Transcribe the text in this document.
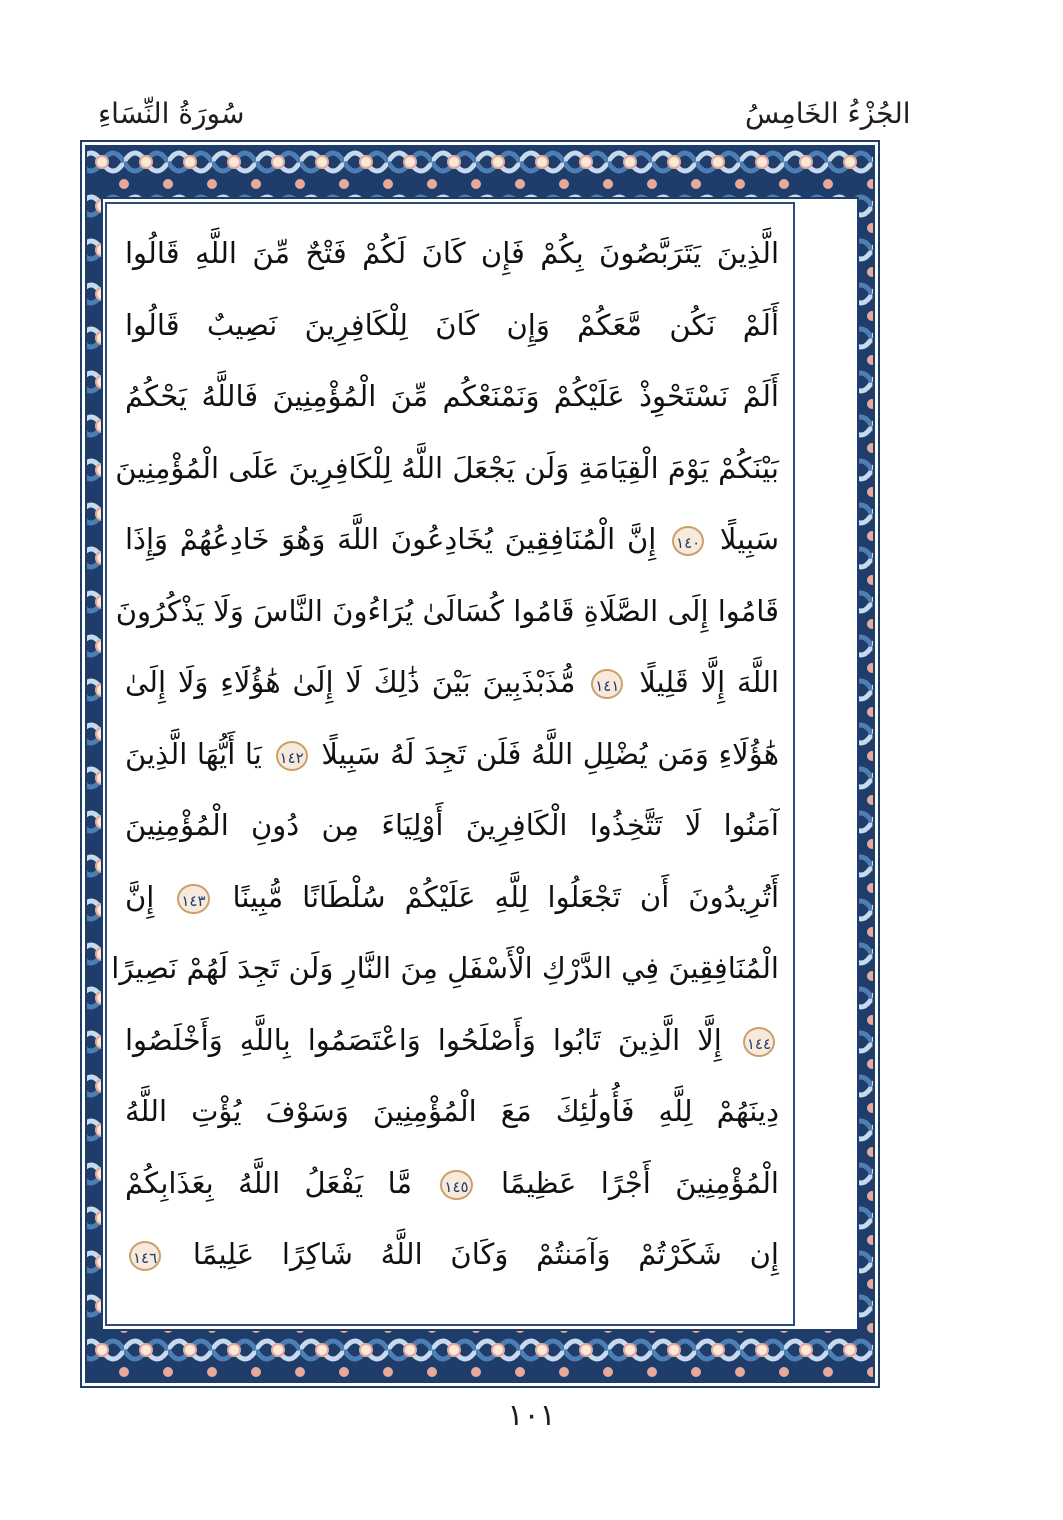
سُورَةُ النِّسَاءِ	الجُزْءُ الخَامِسُ
الَّذِينَ يَتَرَبَّصُونَ بِكُمْ فَإِن كَانَ لَكُمْ فَتْحٌ مِّنَ اللَّهِ قَالُوا
أَلَمْ نَكُن مَّعَكُمْ وَإِن كَانَ لِلْكَافِرِينَ نَصِيبٌ قَالُوا
أَلَمْ نَسْتَحْوِذْ عَلَيْكُمْ وَنَمْنَعْكُم مِّنَ الْمُؤْمِنِينَ فَاللَّهُ يَحْكُمُ
بَيْنَكُمْ يَوْمَ الْقِيَامَةِ وَلَن يَجْعَلَ اللَّهُ لِلْكَافِرِينَ عَلَى الْمُؤْمِنِينَ
سَبِيلًا ١٤٠ إِنَّ الْمُنَافِقِينَ يُخَادِعُونَ اللَّهَ وَهُوَ خَادِعُهُمْ وَإِذَا
قَامُوا إِلَى الصَّلَاةِ قَامُوا كُسَالَىٰ يُرَاءُونَ النَّاسَ وَلَا يَذْكُرُونَ
اللَّهَ إِلَّا قَلِيلًا ١٤١ مُّذَبْذَبِينَ بَيْنَ ذَٰلِكَ لَا إِلَىٰ هَٰؤُلَاءِ وَلَا إِلَىٰ
هَٰؤُلَاءِ وَمَن يُضْلِلِ اللَّهُ فَلَن تَجِدَ لَهُ سَبِيلًا ١٤٢ يَا أَيُّهَا الَّذِينَ
آمَنُوا لَا تَتَّخِذُوا الْكَافِرِينَ أَوْلِيَاءَ مِن دُونِ الْمُؤْمِنِينَ
أَتُرِيدُونَ أَن تَجْعَلُوا لِلَّهِ عَلَيْكُمْ سُلْطَانًا مُّبِينًا ١٤٣ إِنَّ
الْمُنَافِقِينَ فِي الدَّرْكِ الْأَسْفَلِ مِنَ النَّارِ وَلَن تَجِدَ لَهُمْ نَصِيرًا
١٤٤ إِلَّا الَّذِينَ تَابُوا وَأَصْلَحُوا وَاعْتَصَمُوا بِاللَّهِ وَأَخْلَصُوا
دِينَهُمْ لِلَّهِ فَأُولَٰئِكَ مَعَ الْمُؤْمِنِينَ وَسَوْفَ يُؤْتِ اللَّهُ
الْمُؤْمِنِينَ أَجْرًا عَظِيمًا ١٤٥ مَّا يَفْعَلُ اللَّهُ بِعَذَابِكُمْ
إِن شَكَرْتُمْ وَآمَنتُمْ وَكَانَ اللَّهُ شَاكِرًا عَلِيمًا ١٤٦
١٠١
